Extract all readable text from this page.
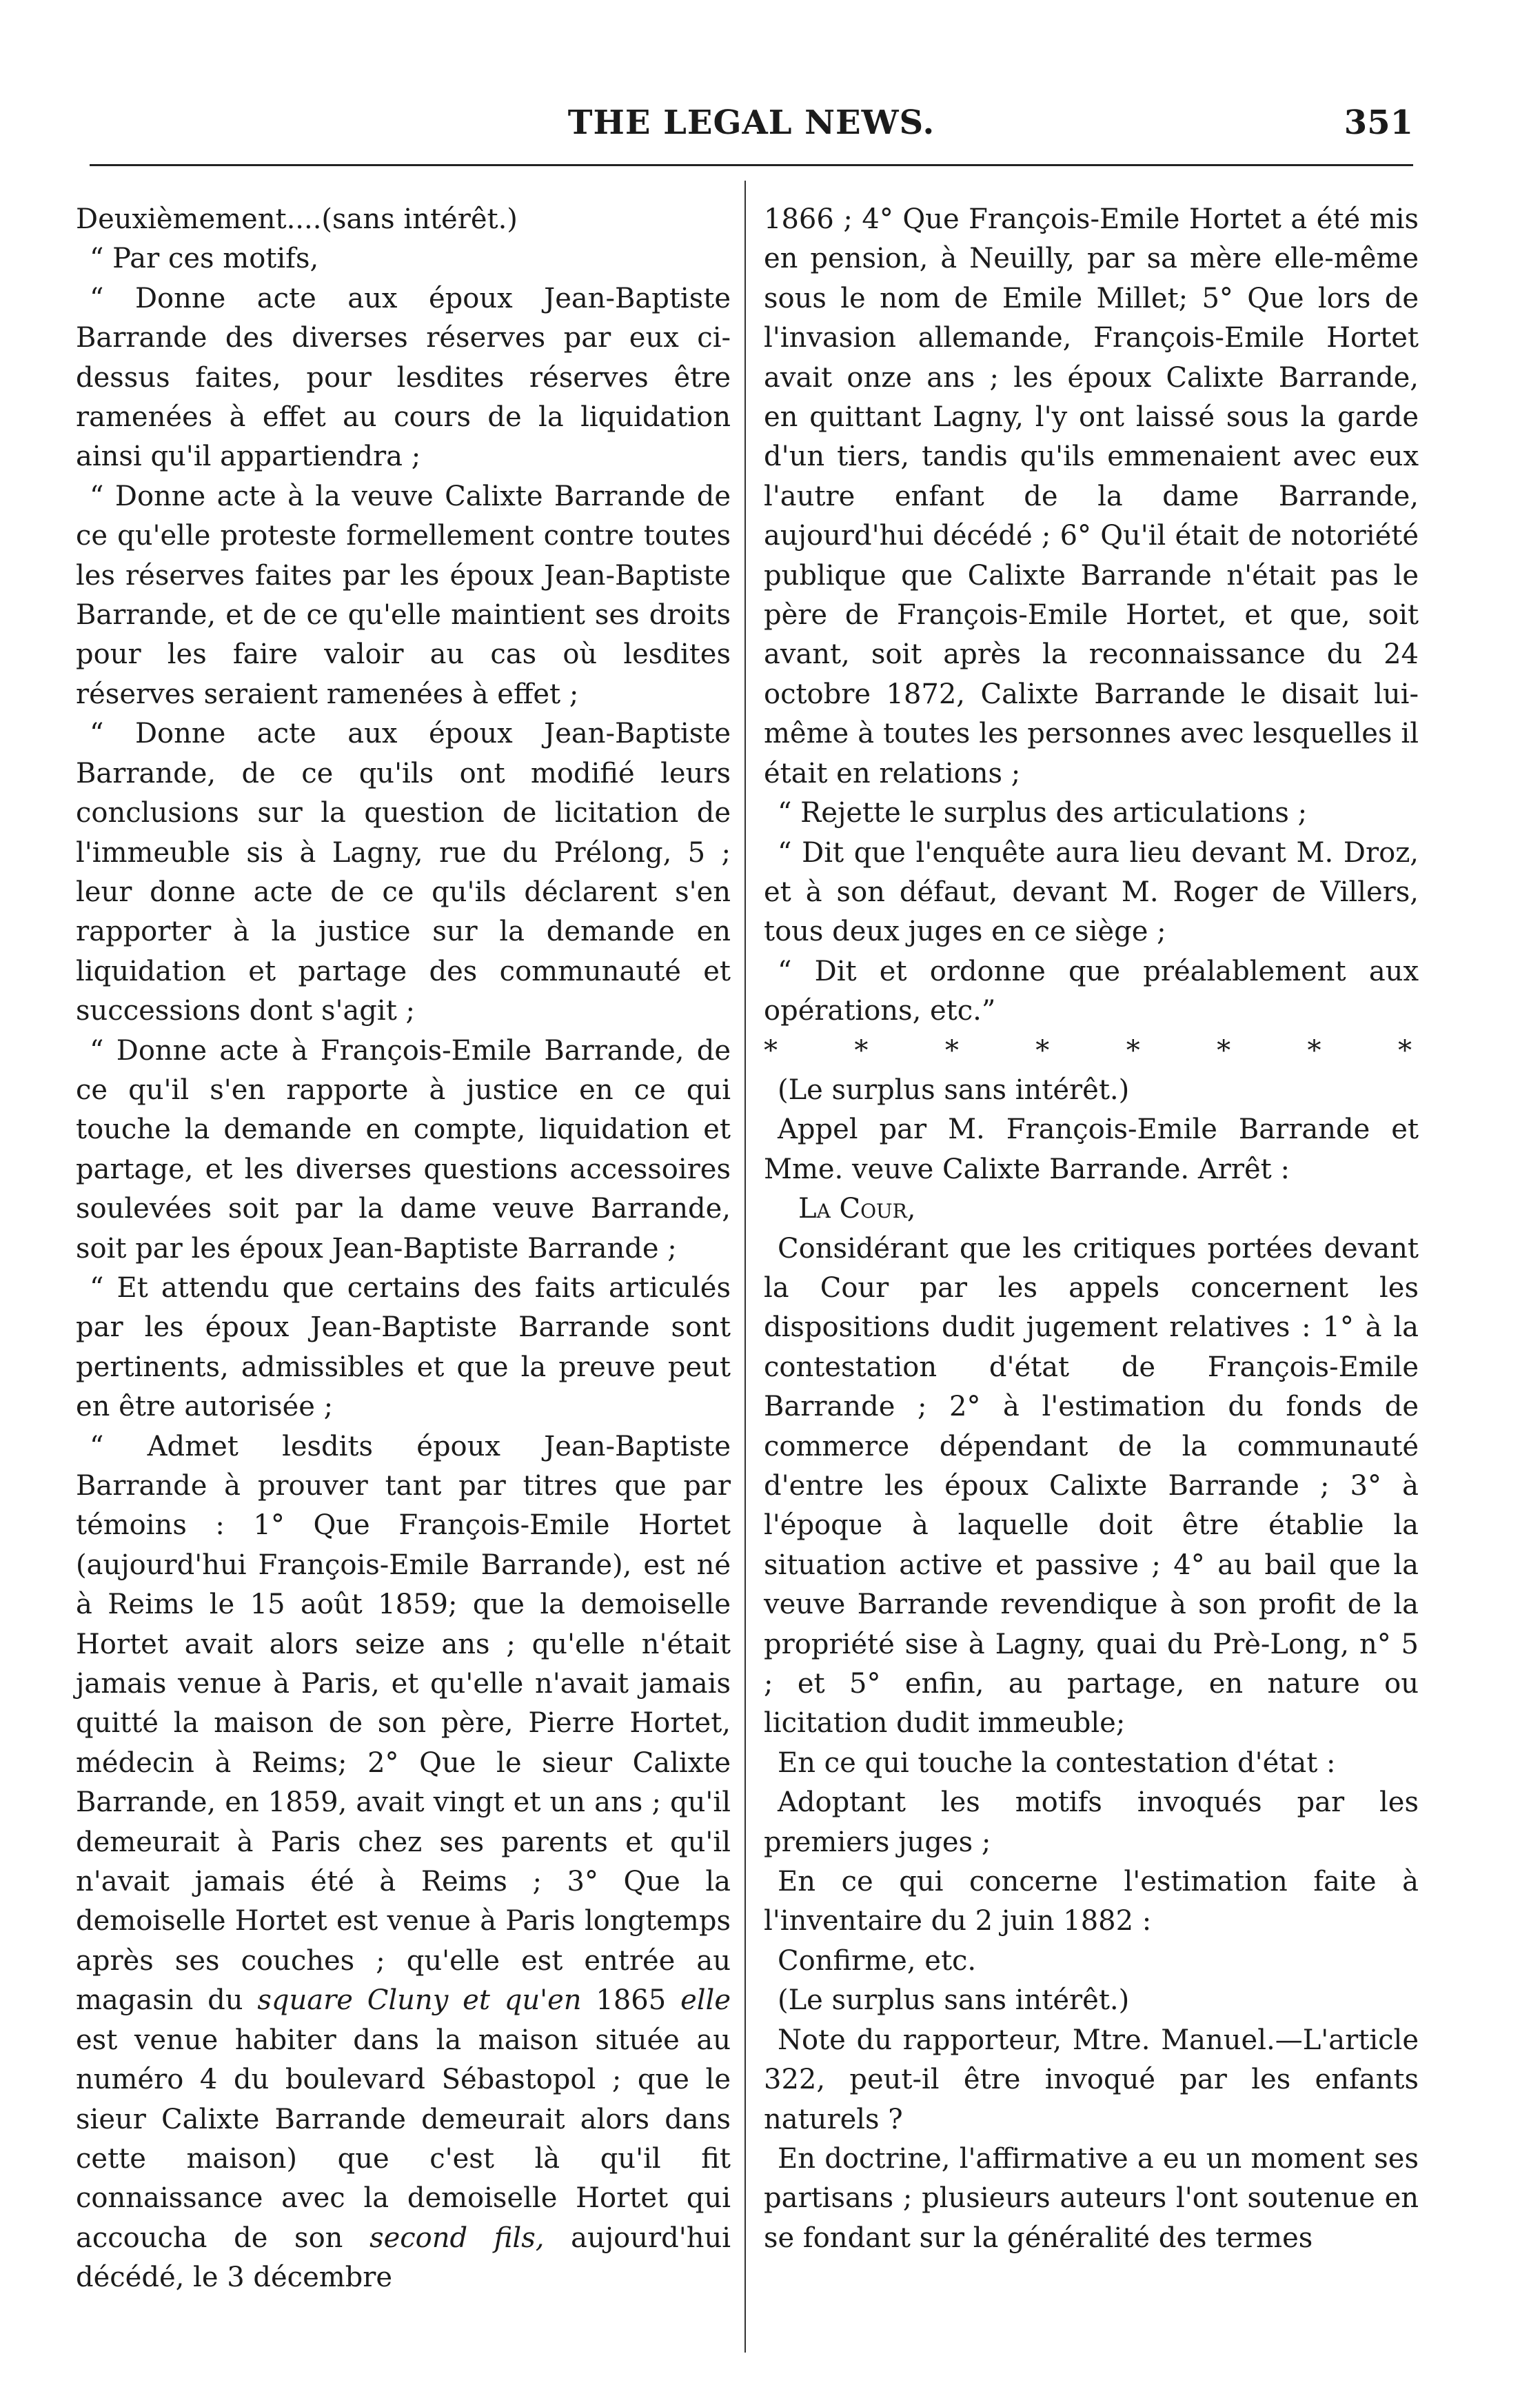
THE LEGAL NEWS.	351

Deuxièmement....(sans intérêt.)

“ Par ces motifs,

“ Donne acte aux époux Jean-Baptiste Barrande des diverses réserves par eux ci-dessus faites, pour lesdites réserves être ramenées à effet au cours de la liquidation ainsi qu'il appartiendra ;

“ Donne acte à la veuve Calixte Barrande de ce qu'elle proteste formellement contre toutes les réserves faites par les époux Jean-Baptiste Barrande, et de ce qu'elle maintient ses droits pour les faire valoir au cas où lesdites réserves seraient ramenées à effet ;

“ Donne acte aux époux Jean-Baptiste Barrande, de ce qu'ils ont modifié leurs conclusions sur la question de licitation de l'immeuble sis à Lagny, rue du Prélong, 5 ; leur donne acte de ce qu'ils déclarent s'en rapporter à la justice sur la demande en liquidation et partage des communauté et successions dont s'agit ;

“ Donne acte à François-Emile Barrande, de ce qu'il s'en rapporte à justice en ce qui touche la demande en compte, liquidation et partage, et les diverses questions accessoires soulevées soit par la dame veuve Barrande, soit par les époux Jean-Baptiste Barrande ;

“ Et attendu que certains des faits articulés par les époux Jean-Baptiste Barrande sont pertinents, admissibles et que la preuve peut en être autorisée ;

“ Admet lesdits époux Jean-Baptiste Barrande à prouver tant par titres que par témoins : 1° Que François-Emile Hortet (aujourd'hui François-Emile Barrande), est né à Reims le 15 août 1859; que la demoiselle Hortet avait alors seize ans ; qu'elle n'était jamais venue à Paris, et qu'elle n'avait jamais quitté la maison de son père, Pierre Hortet, médecin à Reims; 2° Que le sieur Calixte Barrande, en 1859, avait vingt et un ans ; qu'il demeurait à Paris chez ses parents et qu'il n'avait jamais été à Reims ; 3° Que la demoiselle Hortet est venue à Paris longtemps après ses couches ; qu'elle est entrée au magasin du square Cluny et qu'en 1865 elle est venue habiter dans la maison située au numéro 4 du boulevard Sébastopol ; que le sieur Calixte Barrande demeurait alors dans cette maison) que c'est là qu'il fit connaissance avec la demoiselle Hortet qui accoucha de son second fils, aujourd'hui décédé, le 3 décembre

1866 ; 4° Que François-Emile Hortet a été mis en pension, à Neuilly, par sa mère elle-même sous le nom de Emile Millet; 5° Que lors de l'invasion allemande, François-Emile Hortet avait onze ans ; les époux Calixte Barrande, en quittant Lagny, l'y ont laissé sous la garde d'un tiers, tandis qu'ils emmenaient avec eux l'autre enfant de la dame Barrande, aujourd'hui décédé ; 6° Qu'il était de notoriété publique que Calixte Barrande n'était pas le père de François-Emile Hortet, et que, soit avant, soit après la reconnaissance du 24 octobre 1872, Calixte Barrande le disait lui-même à toutes les personnes avec lesquelles il était en relations ;

“ Rejette le surplus des articulations ;

“ Dit que l'enquête aura lieu devant M. Droz, et à son défaut, devant M. Roger de Villers, tous deux juges en ce siège ;

“ Dit et ordonne que préalablement aux opérations, etc.”

*	*	*	*	*	*	*	*

(Le surplus sans intérêt.)

Appel par M. François-Emile Barrande et Mme. veuve Calixte Barrande. Arrêt :

La Cour,

Considérant que les critiques portées devant la Cour par les appels concernent les dispositions dudit jugement relatives : 1° à la contestation d'état de François-Emile Barrande ; 2° à l'estimation du fonds de commerce dépendant de la communauté d'entre les époux Calixte Barrande ; 3° à l'époque à laquelle doit être établie la situation active et passive ; 4° au bail que la veuve Barrande revendique à son profit de la propriété sise à Lagny, quai du Prè-Long, n° 5 ; et 5° enfin, au partage, en nature ou licitation dudit immeuble;

En ce qui touche la contestation d'état :

Adoptant les motifs invoqués par les premiers juges ;

En ce qui concerne l'estimation faite à l'inventaire du 2 juin 1882 :

Confirme, etc.

(Le surplus sans intérêt.)

Note du rapporteur, Mtre. Manuel.—L'article 322, peut-il être invoqué par les enfants naturels ?

En doctrine, l'affirmative a eu un moment ses partisans ; plusieurs auteurs l'ont soutenue en se fondant sur la généralité des termes
